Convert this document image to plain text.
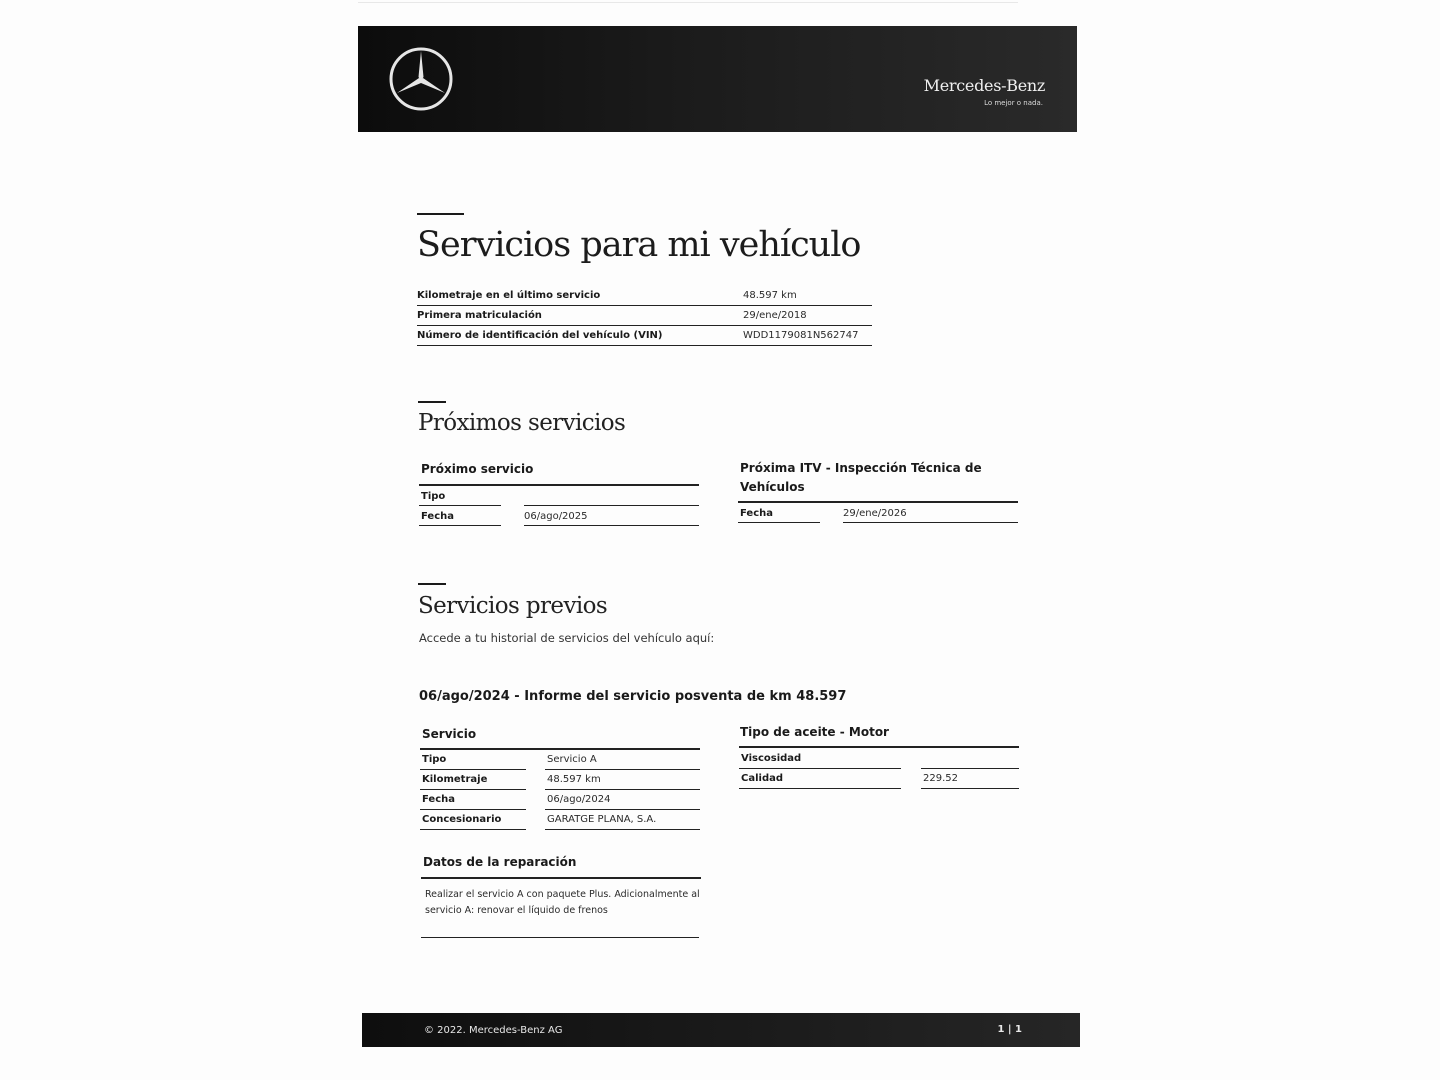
Mercedes-Benz
Lo mejor o nada.
Servicios para mi vehículo
Kilometraje en el último servicio	48.597 km
Primera matriculación	29/ene/2018
Número de identificación del vehículo (VIN)	WDD1179081N562747
Próximos servicios
Próximo servicio
Tipo
Fecha	06/ago/2025
Próxima ITV - Inspección Técnica de
Vehículos
Fecha	29/ene/2026
Servicios previos
Accede a tu historial de servicios del vehículo aquí:
06/ago/2024 - Informe del servicio posventa de km 48.597
Servicio
Tipo	Servicio A
Kilometraje	48.597 km
Fecha	06/ago/2024
Concesionario	GARATGE PLANA, S.A.
Tipo de aceite - Motor
Viscosidad
Calidad	229.52
Datos de la reparación
Realizar el servicio A con paquete Plus. Adicionalmente al servicio A: renovar el líquido de frenos
© 2022. Mercedes-Benz AG	1 | 1
